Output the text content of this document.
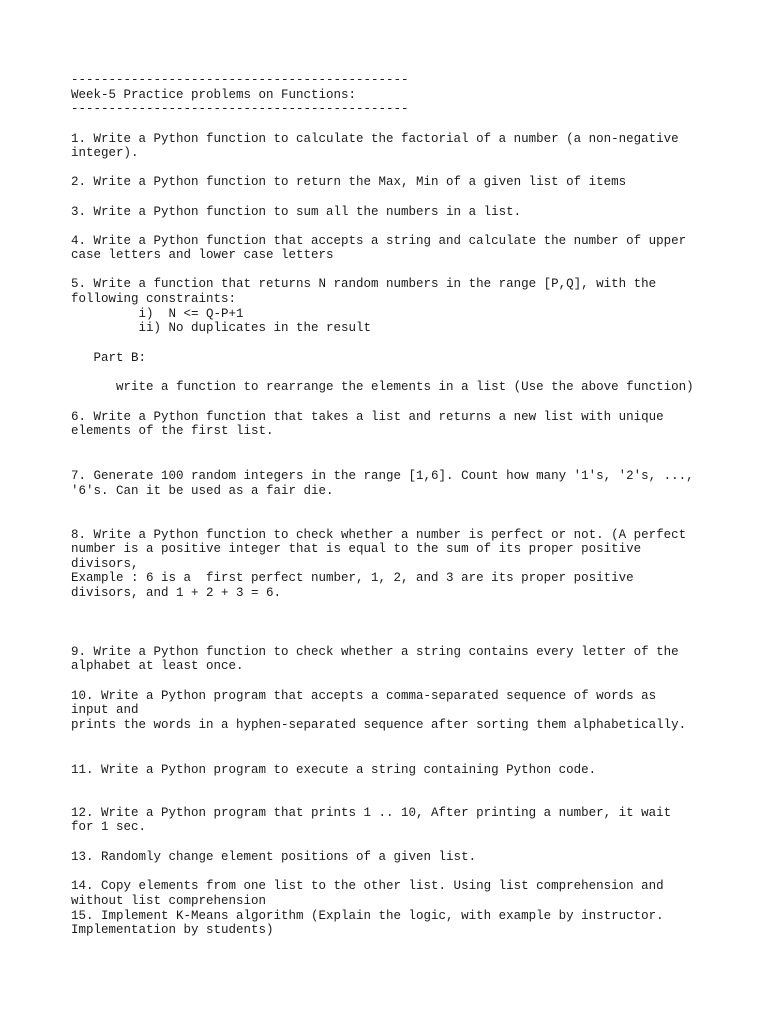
---------------------------------------------

Week-5 Practice problems on Functions:

---------------------------------------------

1. Write a Python function to calculate the factorial of a number (a non-negative

integer).

2. Write a Python function to return the Max, Min of a given list of items

3. Write a Python function to sum all the numbers in a list.

4. Write a Python function that accepts a string and calculate the number of upper

case letters and lower case letters

5. Write a function that returns N random numbers in the range [P,Q], with the

following constraints:

i)  N <= Q-P+1

ii) No duplicates in the result

Part B:

write a function to rearrange the elements in a list (Use the above function)

6. Write a Python function that takes a list and returns a new list with unique

elements of the first list.

7. Generate 100 random integers in the range [1,6]. Count how many '1's, '2's, ...,

'6's. Can it be used as a fair die.

8. Write a Python function to check whether a number is perfect or not. (A perfect

number is a positive integer that is equal to the sum of its proper positive

divisors,

Example : 6 is a  first perfect number, 1, 2, and 3 are its proper positive

divisors, and 1 + 2 + 3 = 6.

9. Write a Python function to check whether a string contains every letter of the

alphabet at least once.

10. Write a Python program that accepts a comma-separated sequence of words as

input and

prints the words in a hyphen-separated sequence after sorting them alphabetically.

11. Write a Python program to execute a string containing Python code.

12. Write a Python program that prints 1 .. 10, After printing a number, it wait

for 1 sec.

13. Randomly change element positions of a given list.

14. Copy elements from one list to the other list. Using list comprehension and

without list comprehension

15. Implement K-Means algorithm (Explain the logic, with example by instructor.

Implementation by students)
